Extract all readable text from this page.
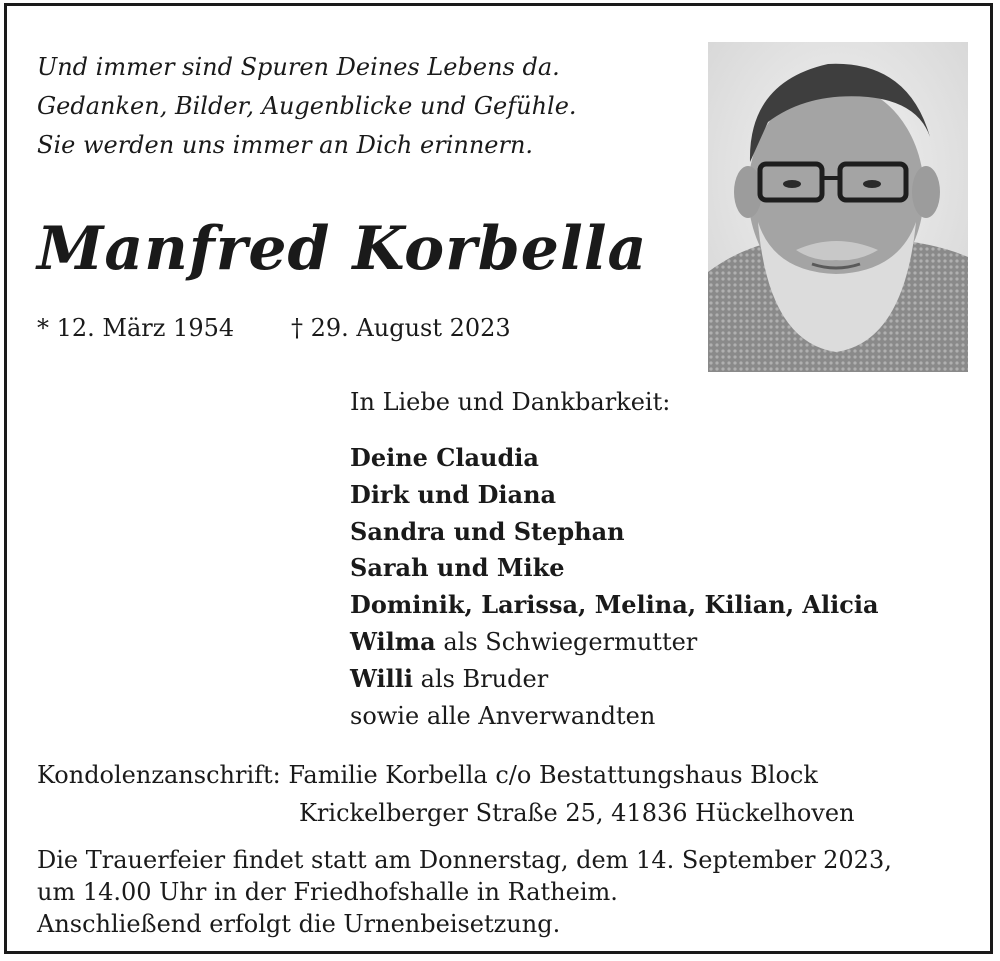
Und immer sind Spuren Deines Lebens da.
Gedanken, Bilder, Augenblicke und Gefühle.
Sie werden uns immer an Dich erinnern.
Manfred Korbella
* 12. März 1954 † 29. August 2023
In Liebe und Dankbarkeit:
Deine Claudia
Dirk und Diana
Sandra und Stephan
Sarah und Mike
Dominik, Larissa, Melina, Kilian, Alicia
Wilma als Schwiegermutter
Willi als Bruder
sowie alle Anverwandten
Kondolenzanschrift: Familie Korbella c/o Bestattungshaus Block
Krickelberger Straße 25, 41836 Hückelhoven
Die Trauerfeier findet statt am Donnerstag, dem 14. September 2023,
um 14.00 Uhr in der Friedhofshalle in Ratheim.
Anschließend erfolgt die Urnenbeisetzung.
